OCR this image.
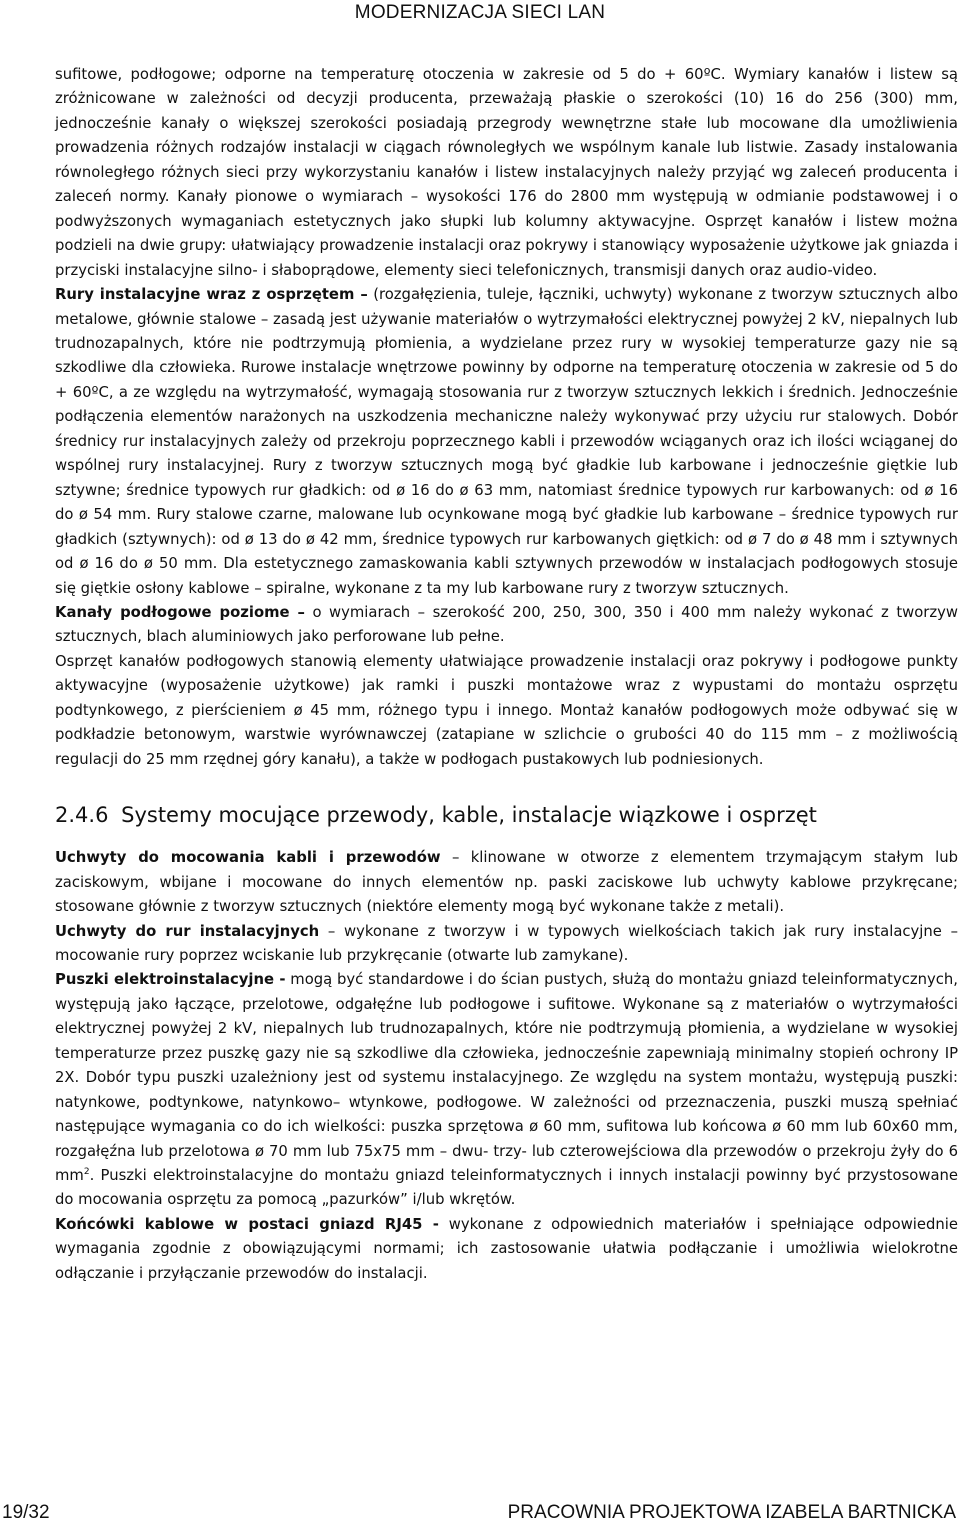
MODERNIZACJA SIECI LAN

sufitowe, podłogowe; odporne na temperaturę otoczenia w zakresie od 5 do + 60ºC. Wymiary kanałów i listew są zróżnicowane w zależności od decyzji producenta, przeważają płaskie o szerokości (10) 16 do 256 (300) mm, jednocześnie kanały o większej szerokości posiadają przegrody wewnętrzne stałe lub mocowane dla umożliwienia prowadzenia różnych rodzajów instalacji w ciągach równoległych we wspólnym kanale lub listwie. Zasady instalowania równoległego różnych sieci przy wykorzystaniu kanałów i listew instalacyjnych należy przyjąć wg zaleceń producenta i zaleceń normy. Kanały pionowe o wymiarach – wysokości 176 do 2800 mm występują w odmianie podstawowej i o podwyższonych wymaganiach estetycznych jako słupki lub kolumny aktywacyjne. Osprzęt kanałów i listew można podzieli na dwie grupy: ułatwiający prowadzenie instalacji oraz pokrywy i stanowiący wyposażenie użytkowe jak gniazda i przyciski instalacyjne silno- i słaboprądowe, elementy sieci telefonicznych, transmisji danych oraz audio-video.

Rury instalacyjne wraz z osprzętem – (rozgałęzienia, tuleje, łączniki, uchwyty) wykonane z tworzyw sztucznych albo metalowe, głównie stalowe – zasadą jest używanie materiałów o wytrzymałości elektrycznej powyżej 2 kV, niepalnych lub trudnozapalnych, które nie podtrzymują płomienia, a wydzielane przez rury w wysokiej temperaturze gazy nie są szkodliwe dla człowieka. Rurowe instalacje wnętrzowe powinny by odporne na temperaturę otoczenia w zakresie od 5 do + 60ºC, a ze względu na wytrzymałość, wymagają stosowania rur z tworzyw sztucznych lekkich i średnich. Jednocześnie podłączenia elementów narażonych na uszkodzenia mechaniczne należy wykonywać przy użyciu rur stalowych. Dobór średnicy rur instalacyjnych zależy od przekroju poprzecznego kabli i przewodów wciąganych oraz ich ilości wciąganej do wspólnej rury instalacyjnej. Rury z tworzyw sztucznych mogą być gładkie lub karbowane i jednocześnie giętkie lub sztywne; średnice typowych rur gładkich: od ø 16 do ø 63 mm, natomiast średnice typowych rur karbowanych: od ø 16 do ø 54 mm. Rury stalowe czarne, malowane lub ocynkowane mogą być gładkie lub karbowane – średnice typowych rur gładkich (sztywnych): od ø 13 do ø 42 mm, średnice typowych rur karbowanych giętkich: od ø 7 do ø 48 mm i sztywnych od ø 16 do ø 50 mm. Dla estetycznego zamaskowania kabli sztywnych przewodów w instalacjach podłogowych stosuje się giętkie osłony kablowe – spiralne, wykonane z ta my lub karbowane rury z tworzyw sztucznych.

Kanały podłogowe poziome – o wymiarach – szerokość 200, 250, 300, 350 i 400 mm należy wykonać z tworzyw sztucznych, blach aluminiowych jako perforowane lub pełne.

Osprzęt kanałów podłogowych stanowią elementy ułatwiające prowadzenie instalacji oraz pokrywy i podłogowe punkty aktywacyjne (wyposażenie użytkowe) jak ramki i puszki montażowe wraz z wypustami do montażu osprzętu podtynkowego, z pierścieniem ø 45 mm, różnego typu i innego. Montaż kanałów podłogowych może odbywać się w podkładzie betonowym, warstwie wyrównawczej (zatapiane w szlichcie o grubości 40 do 115 mm – z możliwością regulacji do 25 mm rzędnej góry kanału), a także w podłogach pustakowych lub podniesionych.

2.4.6 Systemy mocujące przewody, kable, instalacje wiązkowe i osprzęt

Uchwyty do mocowania kabli i przewodów – klinowane w otworze z elementem trzymającym stałym lub zaciskowym, wbijane i mocowane do innych elementów np. paski zaciskowe lub uchwyty kablowe przykręcane; stosowane głównie z tworzyw sztucznych (niektóre elementy mogą być wykonane także z metali).

Uchwyty do rur instalacyjnych – wykonane z tworzyw i w typowych wielkościach takich jak rury instalacyjne – mocowanie rury poprzez wciskanie lub przykręcanie (otwarte lub zamykane).

Puszki elektroinstalacyjne - mogą być standardowe i do ścian pustych, służą do montażu gniazd teleinformatycznych, występują jako łączące, przelotowe, odgałęźne lub podłogowe i sufitowe. Wykonane są z materiałów o wytrzymałości elektrycznej powyżej 2 kV, niepalnych lub trudnozapalnych, które nie podtrzymują płomienia, a wydzielane w wysokiej temperaturze przez puszkę gazy nie są szkodliwe dla człowieka, jednocześnie zapewniają minimalny stopień ochrony IP 2X. Dobór typu puszki uzależniony jest od systemu instalacyjnego. Ze względu na system montażu, występują puszki: natynkowe, podtynkowe, natynkowo– wtynkowe, podłogowe. W zależności od przeznaczenia, puszki muszą spełniać następujące wymagania co do ich wielkości: puszka sprzętowa ø 60 mm, sufitowa lub końcowa ø 60 mm lub 60x60 mm, rozgałęźna lub przelotowa ø 70 mm lub 75x75 mm – dwu- trzy- lub czterowejściowa dla przewodów o przekroju żyły do 6 $mm^2$. Puszki elektroinstalacyjne do montażu gniazd teleinformatycznych i innych instalacji powinny być przystosowane do mocowania osprzętu za pomocą „pazurków” i/lub wkrętów.

Końcówki kablowe w postaci gniazd RJ45 - wykonane z odpowiednich materiałów i spełniające odpowiednie wymagania zgodnie z obowiązującymi normami; ich zastosowanie ułatwia podłączanie i umożliwia wielokrotne odłączanie i przyłączanie przewodów do instalacji.

19/32	PRACOWNIA PROJEKTOWA IZABELA BARTNICKA
